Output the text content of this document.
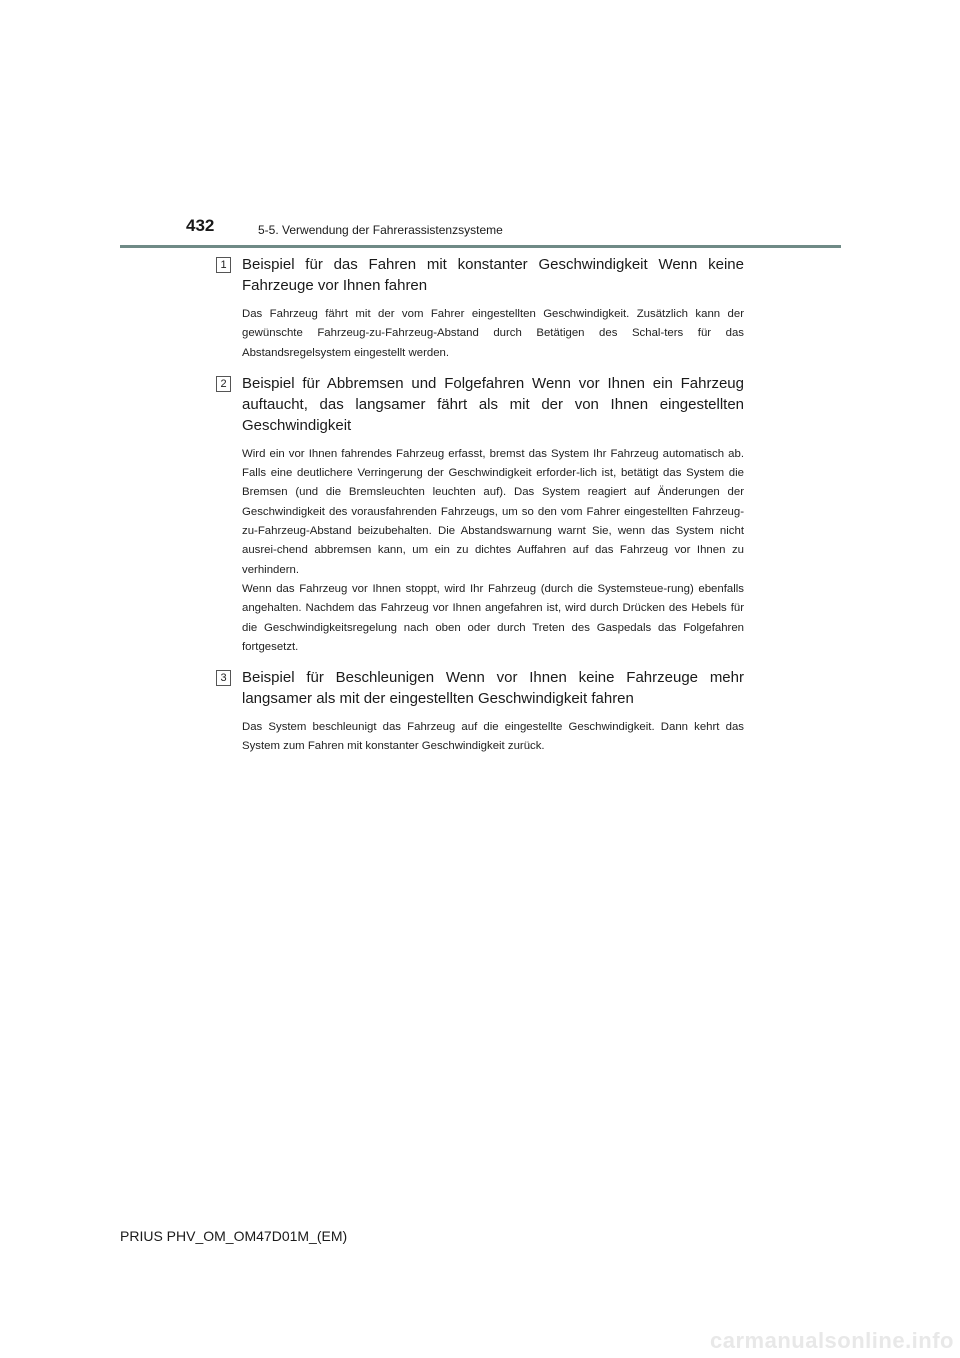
432	5-5. Verwendung der Fahrerassistenzsysteme
1 Beispiel für das Fahren mit konstanter Geschwindigkeit Wenn keine Fahrzeuge vor Ihnen fahren

Das Fahrzeug fährt mit der vom Fahrer eingestellten Geschwindigkeit. Zusätzlich kann der gewünschte Fahrzeug-zu-Fahrzeug-Abstand durch Betätigen des Schal-ters für das Abstandsregelsystem eingestellt werden.

2 Beispiel für Abbremsen und Folgefahren Wenn vor Ihnen ein Fahrzeug auftaucht, das langsamer fährt als mit der von Ihnen eingestellten Geschwindigkeit

Wird ein vor Ihnen fahrendes Fahrzeug erfasst, bremst das System Ihr Fahrzeug automatisch ab. Falls eine deutlichere Verringerung der Geschwindigkeit erforder-lich ist, betätigt das System die Bremsen (und die Bremsleuchten leuchten auf). Das System reagiert auf Änderungen der Geschwindigkeit des vorausfahrenden Fahrzeugs, um so den vom Fahrer eingestellten Fahrzeug-zu-Fahrzeug-Abstand beizubehalten. Die Abstandswarnung warnt Sie, wenn das System nicht ausrei-chend abbremsen kann, um ein zu dichtes Auffahren auf das Fahrzeug vor Ihnen zu verhindern.

Wenn das Fahrzeug vor Ihnen stoppt, wird Ihr Fahrzeug (durch die Systemsteue-rung) ebenfalls angehalten. Nachdem das Fahrzeug vor Ihnen angefahren ist, wird durch Drücken des Hebels für die Geschwindigkeitsregelung nach oben oder durch Treten des Gaspedals das Folgefahren fortgesetzt.

3 Beispiel für Beschleunigen Wenn vor Ihnen keine Fahrzeuge mehr langsamer als mit der eingestellten Geschwindigkeit fahren

Das System beschleunigt das Fahrzeug auf die eingestellte Geschwindigkeit. Dann kehrt das System zum Fahren mit konstanter Geschwindigkeit zurück.

PRIUS PHV_OM_OM47D01M_(EM)
carmanualsonline.info
